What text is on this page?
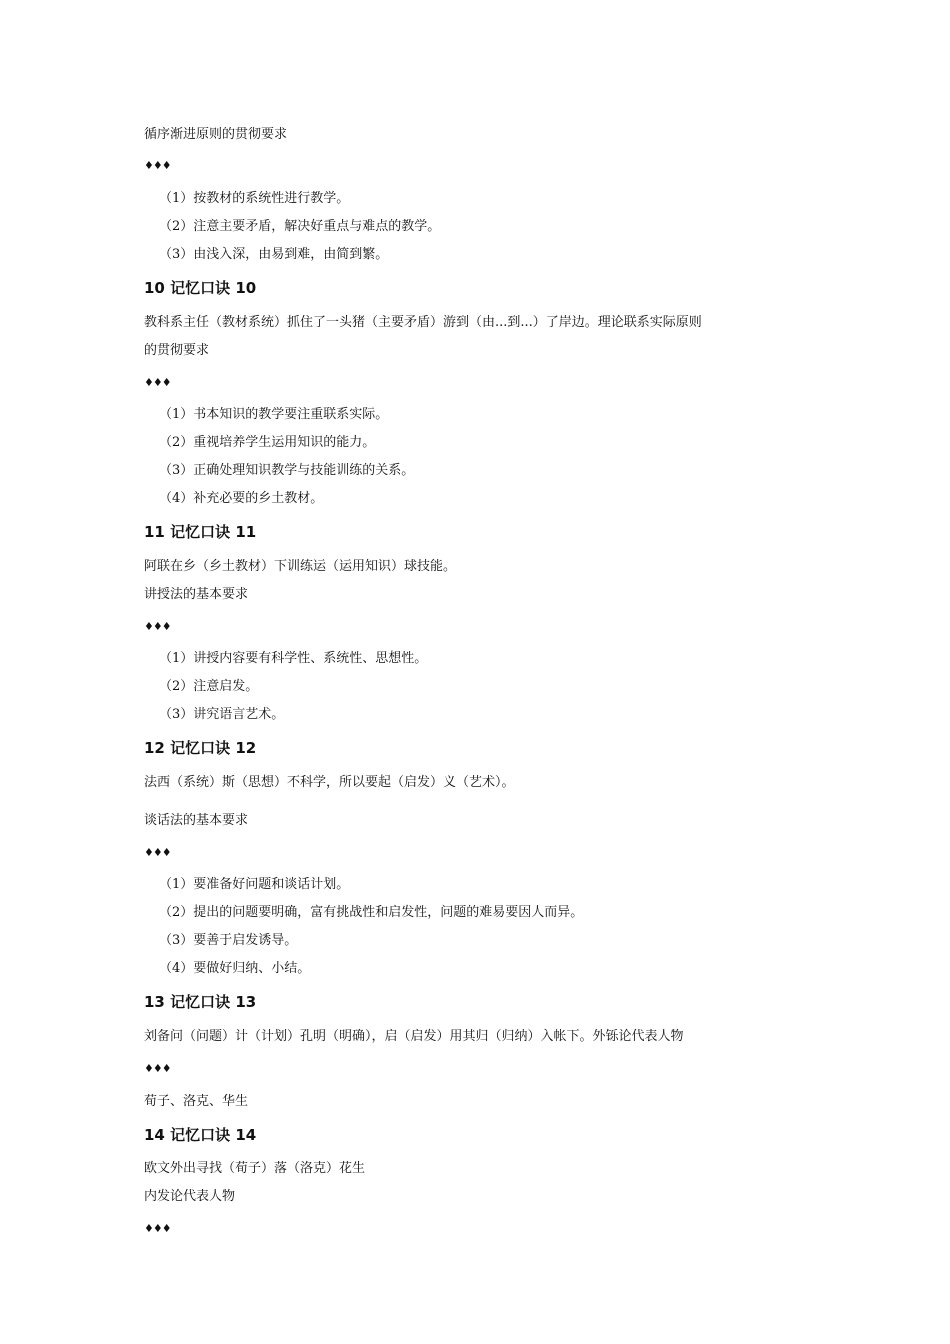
循序渐进原则的贯彻要求
♦♦♦
（1）按教材的系统性进行教学。
（2）注意主要矛盾，解决好重点与难点的教学。
（3）由浅入深，由易到难，由简到繁。
10 记忆口诀 10
教科系主任（教材系统）抓住了一头猪（主要矛盾）游到（由...到...）了岸边。理论联系实际原则
的贯彻要求
♦♦♦
（1）书本知识的教学要注重联系实际。
（2）重视培养学生运用知识的能力。
（3）正确处理知识教学与技能训练的关系。
（4）补充必要的乡土教材。
11 记忆口诀 11
阿联在乡（乡土教材）下训练运（运用知识）球技能。
讲授法的基本要求
♦♦♦
（1）讲授内容要有科学性、系统性、思想性。
（2）注意启发。
（3）讲究语言艺术。
12 记忆口诀 12
法西（系统）斯（思想）不科学，所以要起（启发）义（艺术）。
谈话法的基本要求
♦♦♦
（1）要准备好问题和谈话计划。
（2）提出的问题要明确，富有挑战性和启发性，问题的难易要因人而异。
（3）要善于启发诱导。
（4）要做好归纳、小结。
13 记忆口诀 13
刘备问（问题）计（计划）孔明（明确），启（启发）用其归（归纳）入帐下。外铄论代表人物
♦♦♦
荀子、洛克、华生
14 记忆口诀 14
欧文外出寻找（荀子）落（洛克）花生
内发论代表人物
♦♦♦
